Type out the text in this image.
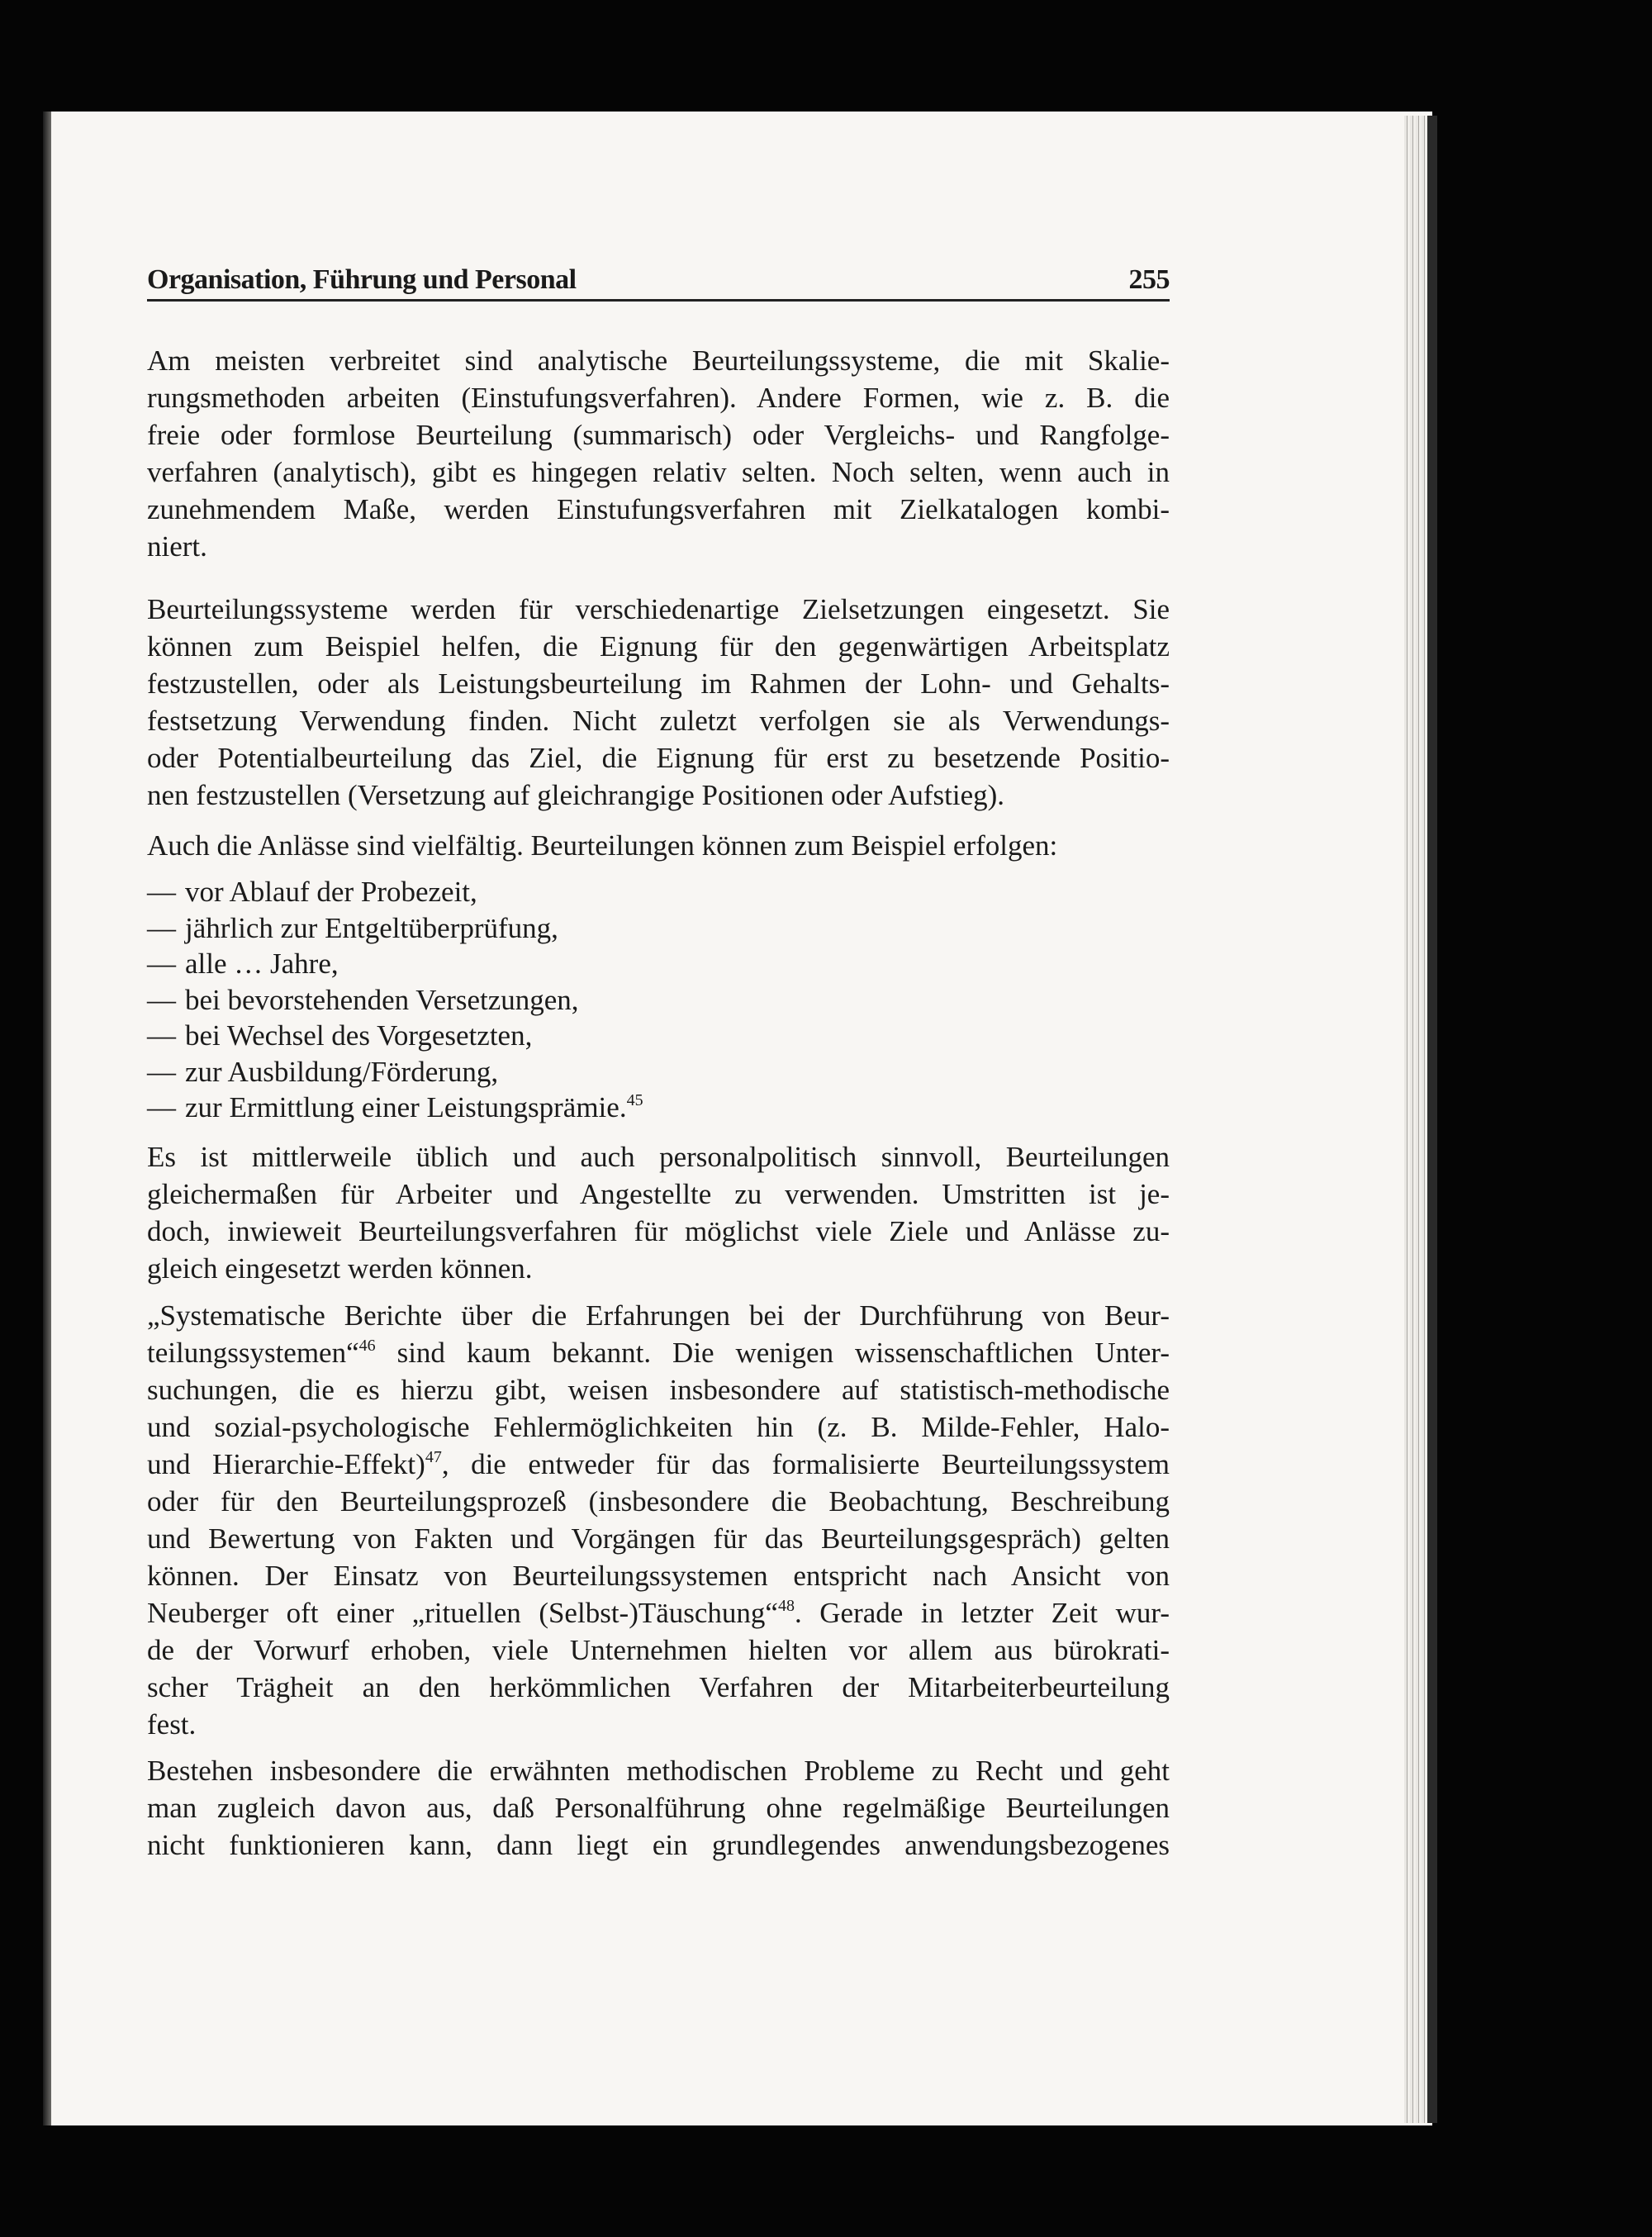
Organisation, Führung und Personal	255
Am meisten verbreitet sind analytische Beurteilungssysteme, die mit Skalie-
rungsmethoden arbeiten (Einstufungsverfahren). Andere Formen, wie z. B. die
freie oder formlose Beurteilung (summarisch) oder Vergleichs- und Rangfolge-
verfahren (analytisch), gibt es hingegen relativ selten. Noch selten, wenn auch in
zunehmendem Maße, werden Einstufungsverfahren mit Zielkatalogen kombi-
niert.
Beurteilungssysteme werden für verschiedenartige Zielsetzungen eingesetzt. Sie
können zum Beispiel helfen, die Eignung für den gegenwärtigen Arbeitsplatz
festzustellen, oder als Leistungsbeurteilung im Rahmen der Lohn- und Gehalts-
festsetzung Verwendung finden. Nicht zuletzt verfolgen sie als Verwendungs-
oder Potentialbeurteilung das Ziel, die Eignung für erst zu besetzende Positio-
nen festzustellen (Versetzung auf gleichrangige Positionen oder Aufstieg).
Auch die Anlässe sind vielfältig. Beurteilungen können zum Beispiel erfolgen:
— vor Ablauf der Probezeit,
— jährlich zur Entgeltüberprüfung,
— alle … Jahre,
— bei bevorstehenden Versetzungen,
— bei Wechsel des Vorgesetzten,
— zur Ausbildung/Förderung,
— zur Ermittlung einer Leistungsprämie.$^{45}$
Es ist mittlerweile üblich und auch personalpolitisch sinnvoll, Beurteilungen
gleichermaßen für Arbeiter und Angestellte zu verwenden. Umstritten ist je-
doch, inwieweit Beurteilungsverfahren für möglichst viele Ziele und Anlässe zu-
gleich eingesetzt werden können.
„Systematische Berichte über die Erfahrungen bei der Durchführung von Beur-
teilungssystemen“$^{46}$ sind kaum bekannt. Die wenigen wissenschaftlichen Unter-
suchungen, die es hierzu gibt, weisen insbesondere auf statistisch-methodische
und sozial-psychologische Fehlermöglichkeiten hin (z. B. Milde-Fehler, Halo-
und Hierarchie-Effekt)$^{47}$, die entweder für das formalisierte Beurteilungssystem
oder für den Beurteilungsprozeß (insbesondere die Beobachtung, Beschreibung
und Bewertung von Fakten und Vorgängen für das Beurteilungsgespräch) gelten
können. Der Einsatz von Beurteilungssystemen entspricht nach Ansicht von
Neuberger oft einer „rituellen (Selbst-)Täuschung“$^{48}$. Gerade in letzter Zeit wur-
de der Vorwurf erhoben, viele Unternehmen hielten vor allem aus bürokrati-
scher Trägheit an den herkömmlichen Verfahren der Mitarbeiterbeurteilung
fest.
Bestehen insbesondere die erwähnten methodischen Probleme zu Recht und geht
man zugleich davon aus, daß Personalführung ohne regelmäßige Beurteilungen
nicht funktionieren kann, dann liegt ein grundlegendes anwendungsbezogenes
